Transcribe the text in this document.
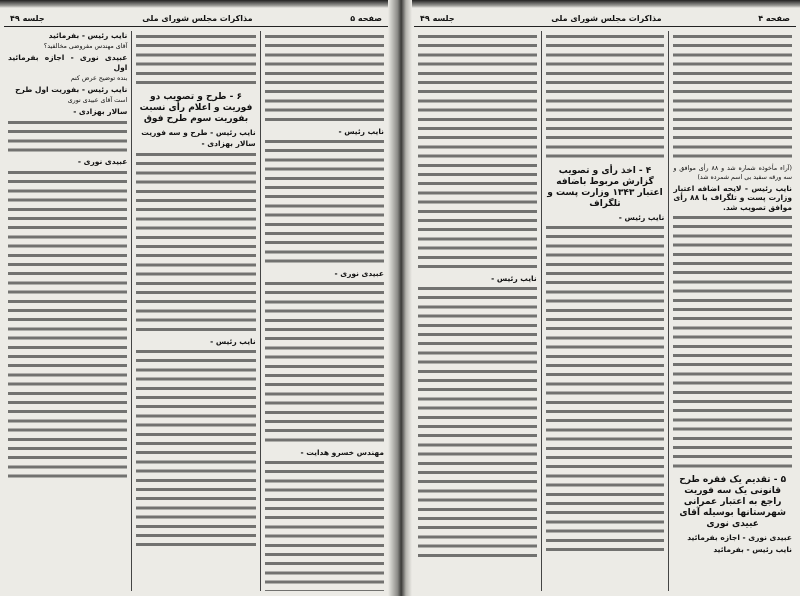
صفحه ۵
مذاکرات مجلس شورای ملی
جلسه ۴۹
نایب رئیس -
عبیدی نوری -
مهندس خسرو هدایت -
۶ - طرح و تصویب دو فوریت و اعلام رأی نسبت بفوریت سوم طرح فوق
نایب رئیس - طرح و سه فوریت
سالار بهزادی -
نایب رئیس -
نایب رئیس - بفرمائید
آقای مهندس مفروضی مخالفید؟
عبیدی نوری - اجازه بفرمائید اول
بنده توضیح عرض کنم
نایب رئیس - بفوریت اول طرح
است آقای عبیدی نوری
سالار بهزادی -
عبیدی نوری -
صفحه ۴
مذاکرات مجلس شورای ملی
جلسه ۴۹
(آراء مأخوذه شماره شد و ۸۸ رأی موافق و سه ورقه سفید بی اسم شمرده شد)
نایب رئیس - لایحه اضافه اعتبار وزارت پست و تلگراف با ۸۸ رأی موافق تصویب شد.
۵ - تقدیم یک فقره طرح قانونی یک سه فوریت راجع به اعتبار عمرانی شهرستانها بوسیله آقای عبیدی نوری
عبیدی نوری - اجازه بفرمائید
نایب رئیس - بفرمائید
۴ - اخذ رأی و تصویب گزارش مربوط باضافه اعتبار ۱۳۴۳ وزارت پست و تلگراف
نایب رئیس -
نایب رئیس -
